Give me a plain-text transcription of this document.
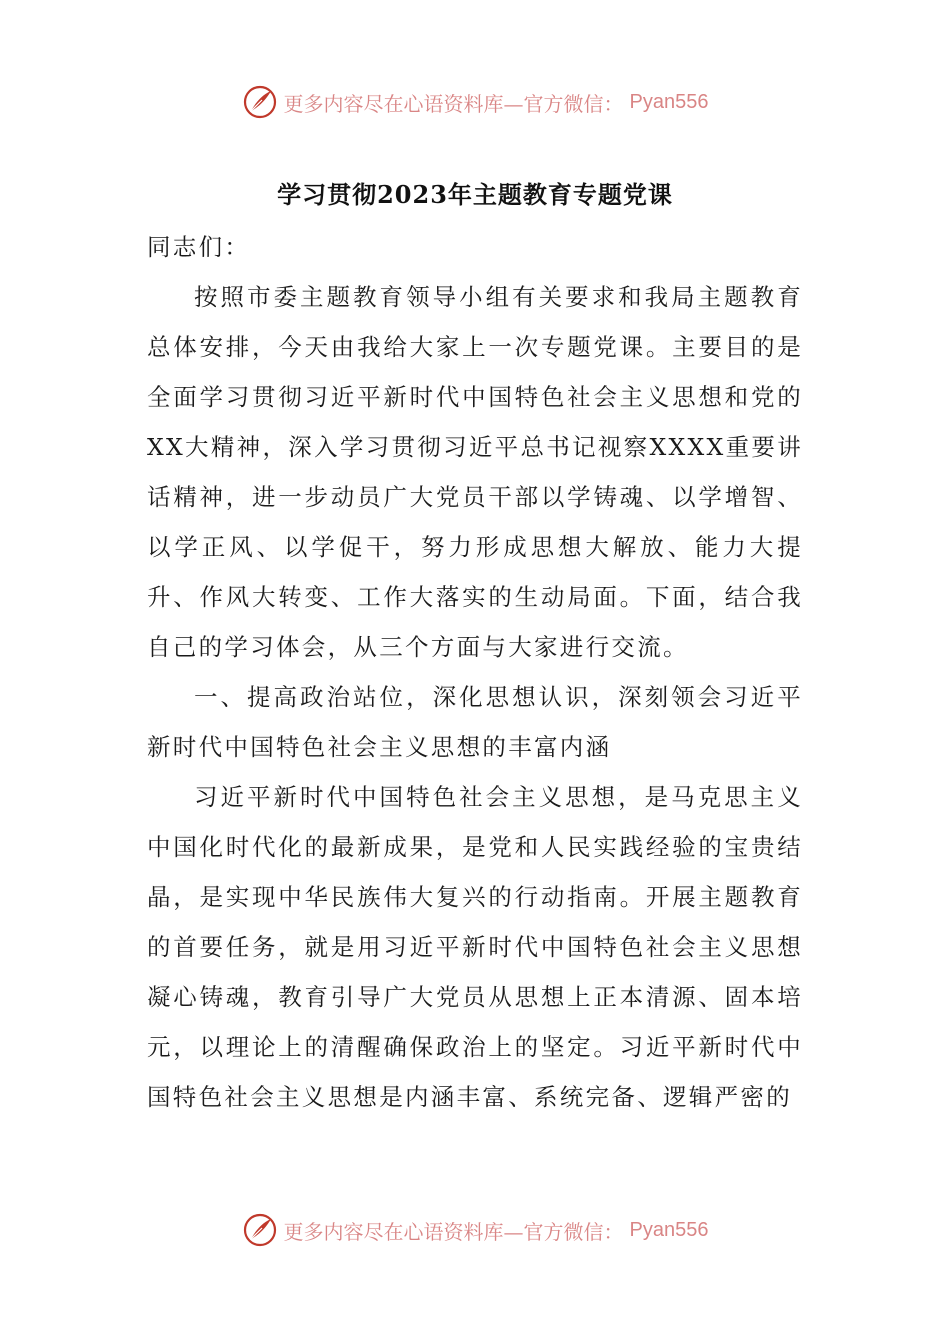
更多内容尽在心语资料库—官方微信： Pyan556
学习贯彻2023年主题教育专题党课

同志们：

按照市委主题教育领导小组有关要求和我局主题教育总体安排，今天由我给大家上一次专题党课。主要目的是全面学习贯彻习近平新时代中国特色社会主义思想和党的XX大精神，深入学习贯彻习近平总书记视察XXXX重要讲话精神，进一步动员广大党员干部以学铸魂、以学增智、以学正风、以学促干，努力形成思想大解放、能力大提升、作风大转变、工作大落实的生动局面。下面，结合我自己的学习体会，从三个方面与大家进行交流。

一、提高政治站位，深化思想认识，深刻领会习近平新时代中国特色社会主义思想的丰富内涵

习近平新时代中国特色社会主义思想，是马克思主义中国化时代化的最新成果，是党和人民实践经验的宝贵结晶，是实现中华民族伟大复兴的行动指南。开展主题教育的首要任务，就是用习近平新时代中国特色社会主义思想凝心铸魂，教育引导广大党员从思想上正本清源、固本培元，以理论上的清醒确保政治上的坚定。习近平新时代中国特色社会主义思想是内涵丰富、系统完备、逻辑严密的

更多内容尽在心语资料库—官方微信： Pyan556
